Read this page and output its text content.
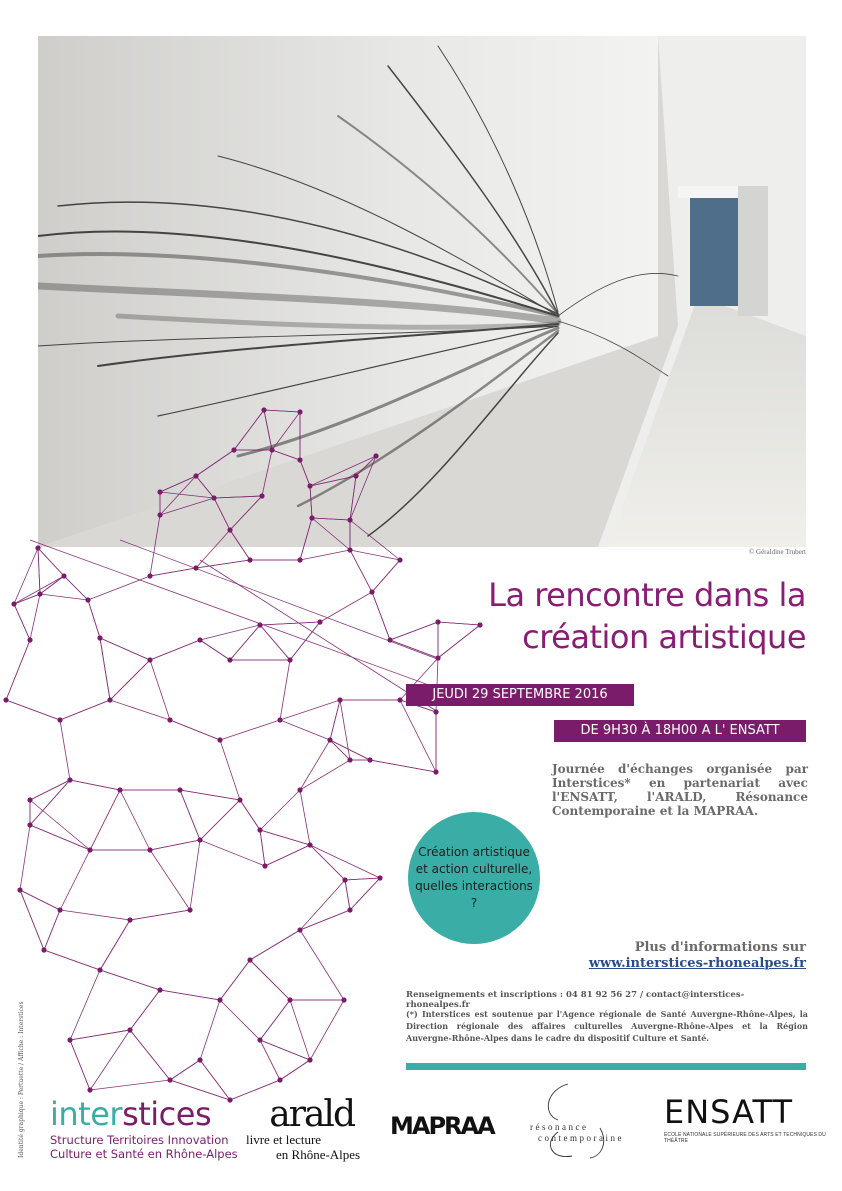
© Géraldine Trubert
La rencontre dans la création artistique
JEUDI 29 SEPTEMBRE 2016
DE 9H30 À 18H00 A L' ENSATT
Journée d'échanges organisée par Interstices* en partenariat avec l'ENSATT, l'ARALD, Résonance Contemporaine et la MAPRAA.
Création artistique
et action culturelle,
quelles interactions ?
Plus d'informations sur
www.interstices-rhonealpes.fr
Renseignements et inscriptions : 04 81 92 56 27 / contact@interstices-rhonealpes.fr
(*) Interstices est soutenue par l'Agence régionale de Santé Auvergne-Rhône-Alpes, la Direction régionale des affaires culturelles Auvergne-Rhône-Alpes et la Région Auvergne-Rhône-Alpes dans le cadre du dispositif Culture et Santé.
Identité graphique : Pertuette / Affiche : Interstices interstices
Structure Territoires Innovation
Culture et Santé en Rhône-Alpes
arald
livre et lecture
en Rhône-Alpes
MAPRAA	résonance
contemporaine
ENSATT
ÉCOLE NATIONALE SUPÉRIEURE DES ARTS ET TECHNIQUES DU THÉÂTRE
